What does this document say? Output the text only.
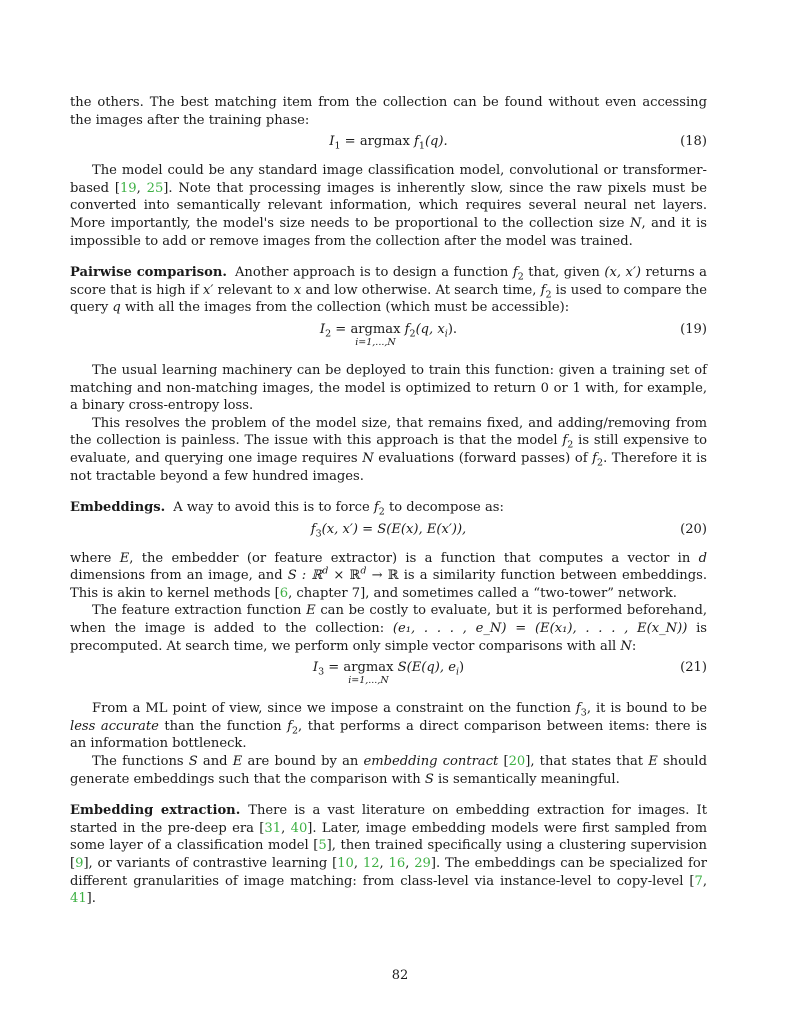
the others. The best matching item from the collection can be found without even accessing the images after the training phase:

$I_1 = argmax$ $f_1(q)$.	(18)

The model could be any standard image classification model, convolutional or transformer-based [19, 25]. Note that processing images is inherently slow, since the raw pixels must be converted into semantically relevant information, which requires several neural net layers. More importantly, the model's size needs to be proportional to the collection size N, and it is impossible to add or remove images from the collection after the model was trained.

Pairwise comparison. Another approach is to design a function $f_2$ that, given (x, x′) returns a score that is high if x′ relevant to x and low otherwise. At search time, $f_2$ is used to compare the query q with all the images from the collection (which must be accessible):

$I_2 = argmax$
i=1,...,N
$f_2(q$, $x_i$).	(19)

The usual learning machinery can be deployed to train this function: given a training set of matching and non-matching images, the model is optimized to return 0 or 1 with, for example, a binary cross-entropy loss.

This resolves the problem of the model size, that remains fixed, and adding/removing from the collection is painless. The issue with this approach is that the model $f_2$ is still expensive to evaluate, and querying one image requires N evaluations (forward passes) of $f_2$. Therefore it is not tractable beyond a few hundred images.

Embeddings. A way to avoid this is to force $f_2$ to decompose as:

$f_3(x$, x′) = S(E(x), E(x′)),	(20)

where E, the embedder (or feature extractor) is a function that computes a vector in d dimensions from an image, and S : ℝ$^d$ × ℝ$^d$ → ℝ is a similarity function between embeddings. This is akin to kernel methods [6, chapter 7], and sometimes called a “two-tower” network.

The feature extraction function E can be costly to evaluate, but it is performed beforehand, when the image is added to the collection: (e₁, . . . , e_N) = (E(x₁), . . . , E(x_N)) is precomputed. At search time, we perform only simple vector comparisons with all N:

$I_3 = argmax$
i=1,...,N
S(E(q), $e_i$)	(21)

From a ML point of view, since we impose a constraint on the function $f_3$, it is bound to be less accurate than the function $f_2$, that performs a direct comparison between items: there is an information bottleneck.

The functions S and E are bound by an embedding contract [20], that states that E should generate embeddings such that the comparison with S is semantically meaningful.

Embedding extraction. There is a vast literature on embedding extraction for images. It started in the pre-deep era [31, 40]. Later, image embedding models were first sampled from some layer of a classification model [5], then trained specifically using a clustering supervision [9], or variants of contrastive learning [10, 12, 16, 29]. The embeddings can be specialized for different granularities of image matching: from class-level via instance-level to copy-level [7, 41].

82
